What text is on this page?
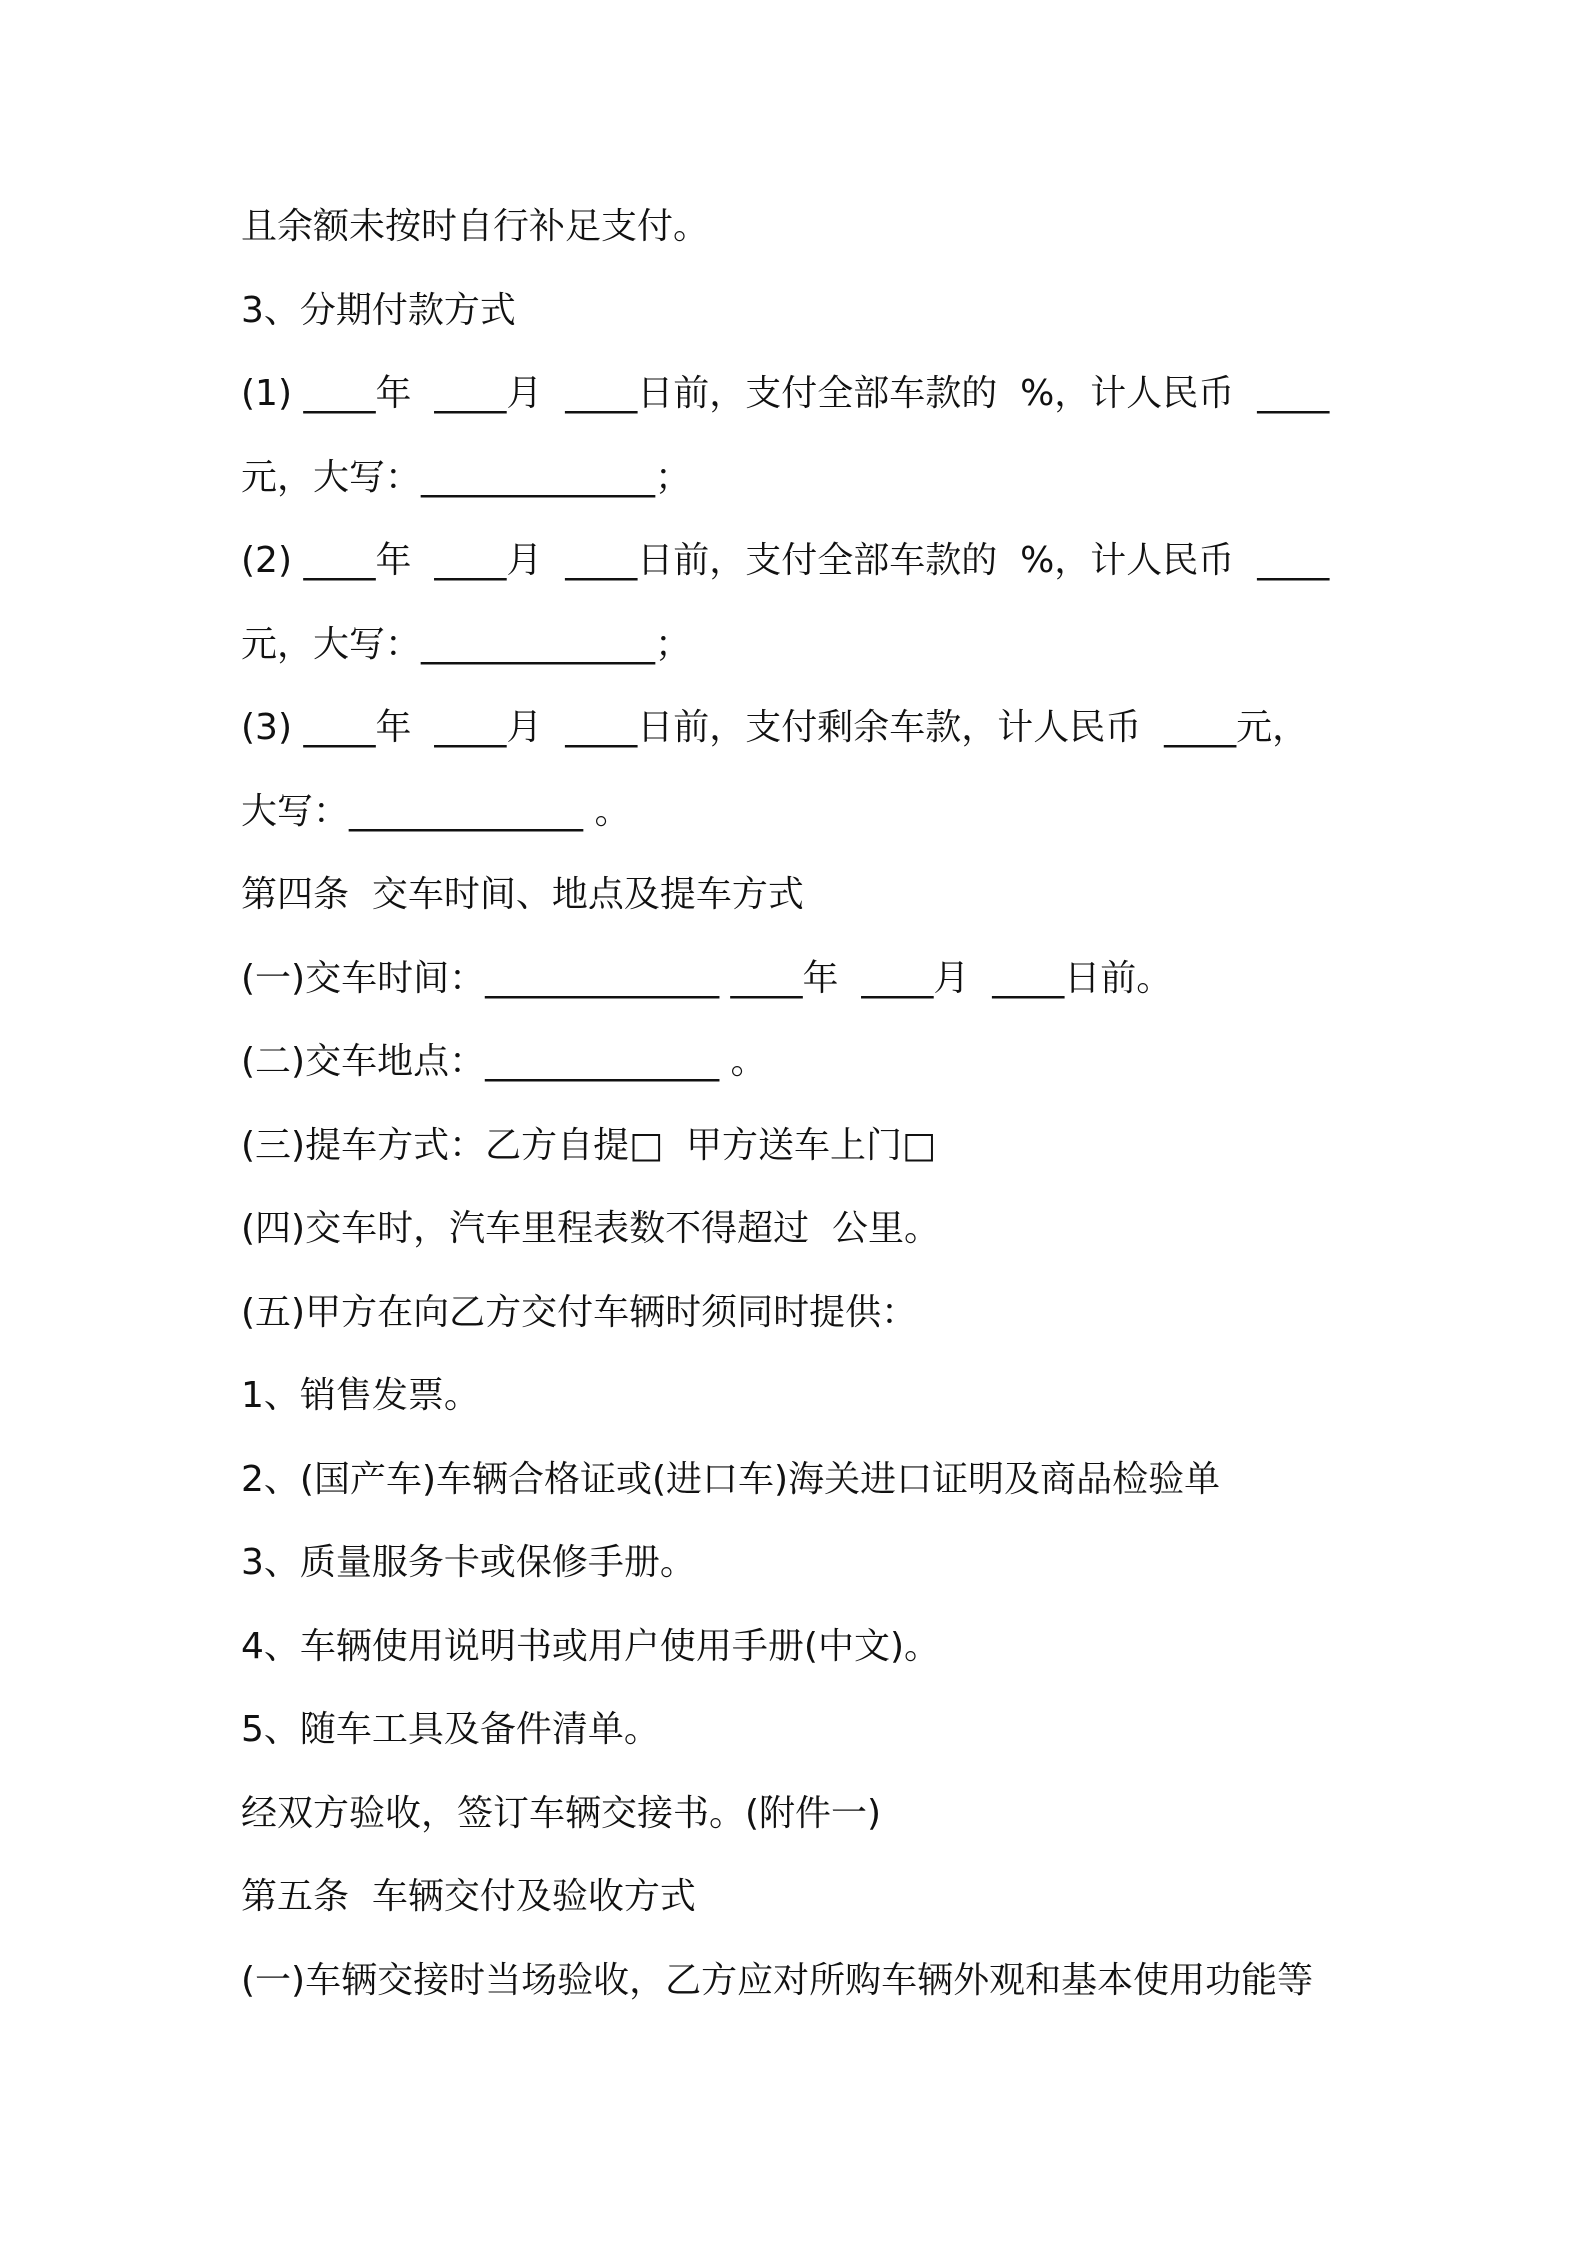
且余额未按时自行补足支付。
3、分期付款方式
(1) ____年  ____月  ____日前，支付全部车款的  %，计人民币  ____
元，大写：_____________；
(2) ____年  ____月  ____日前，支付全部车款的  %，计人民币  ____
元，大写：_____________；
(3) ____年  ____月  ____日前，支付剩余车款，计人民币  ____元，
大写：_____________ 。
第四条  交车时间、地点及提车方式
(一)交车时间：_____________ ____年  ____月  ____日前。
(二)交车地点：_____________ 。
(三)提车方式：乙方自提□  甲方送车上门□
(四)交车时，汽车里程表数不得超过  公里。
(五)甲方在向乙方交付车辆时须同时提供：
1、销售发票。
2、(国产车)车辆合格证或(进口车)海关进口证明及商品检验单
3、质量服务卡或保修手册。
4、车辆使用说明书或用户使用手册(中文)。
5、随车工具及备件清单。
经双方验收，签订车辆交接书。(附件一)
第五条  车辆交付及验收方式
(一)车辆交接时当场验收，乙方应对所购车辆外观和基本使用功能等
